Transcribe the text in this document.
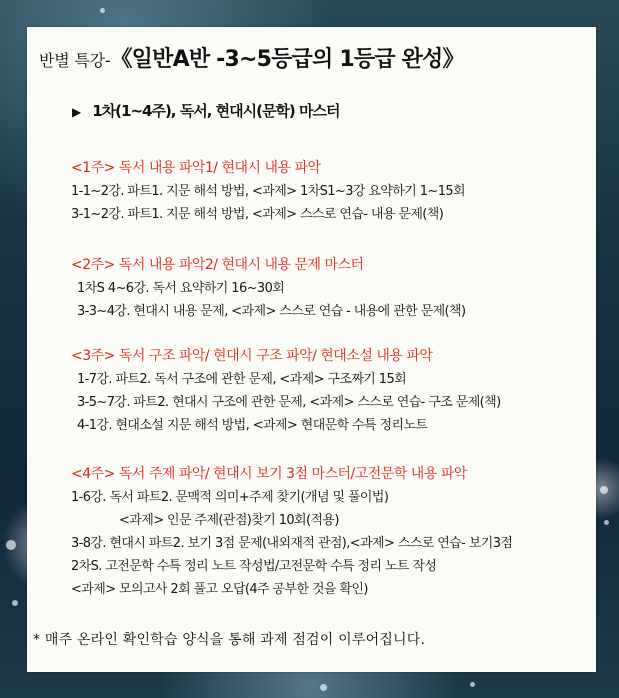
반별 특강-《일반A반 -3~5등급의 1등급 완성》
▶ 1차(1~4주), 독서, 현대시(문학) 마스터
<1주> 독서 내용 파악1/ 현대시 내용 파악
1-1~2강. 파트1. 지문 해석 방법, <과제> 1차S1~3강 요약하기 1~15회
3-1~2강. 파트1. 지문 해석 방법, <과제> 스스로 연습- 내용 문제(책)
<2주> 독서 내용 파악2/ 현대시 내용 문제 마스터
1차S 4~6강. 독서 요약하기 16~30회
3-3~4강. 현대시 내용 문제, <과제> 스스로 연습 - 내용에 관한 문제(책)
<3주> 독서 구조 파악/ 현대시 구조 파악/ 현대소설 내용 파악
1-7강. 파트2. 독서 구조에 관한 문제, <과제> 구조짜기 15회
3-5~7강. 파트2. 현대시 구조에 관한 문제, <과제> 스스로 연습- 구조 문제(책)
4-1강. 현대소설 지문 해석 방법, <과제> 현대문학 수특 정리노트
<4주> 독서 주제 파악/ 현대시 보기 3점 마스터/고전문학 내용 파악
1-6강. 독서 파트2. 문맥적 의미+주제 찾기(개념 및 풀이법)
<과제> 인문 주제(관점)찾기 10회(적용)
3-8강. 현대시 파트2. 보기 3점 문제(내외재적 관점),<과제> 스스로 연습- 보기3점
2차S. 고전문학 수특 정리 노트 작성법/고전문학 수특 정리 노트 작성
<과제> 모의고사 2회 풀고 오답(4주 공부한 것을 확인)
* 매주 온라인 확인학습 양식을 통해 과제 점검이 이루어집니다.
